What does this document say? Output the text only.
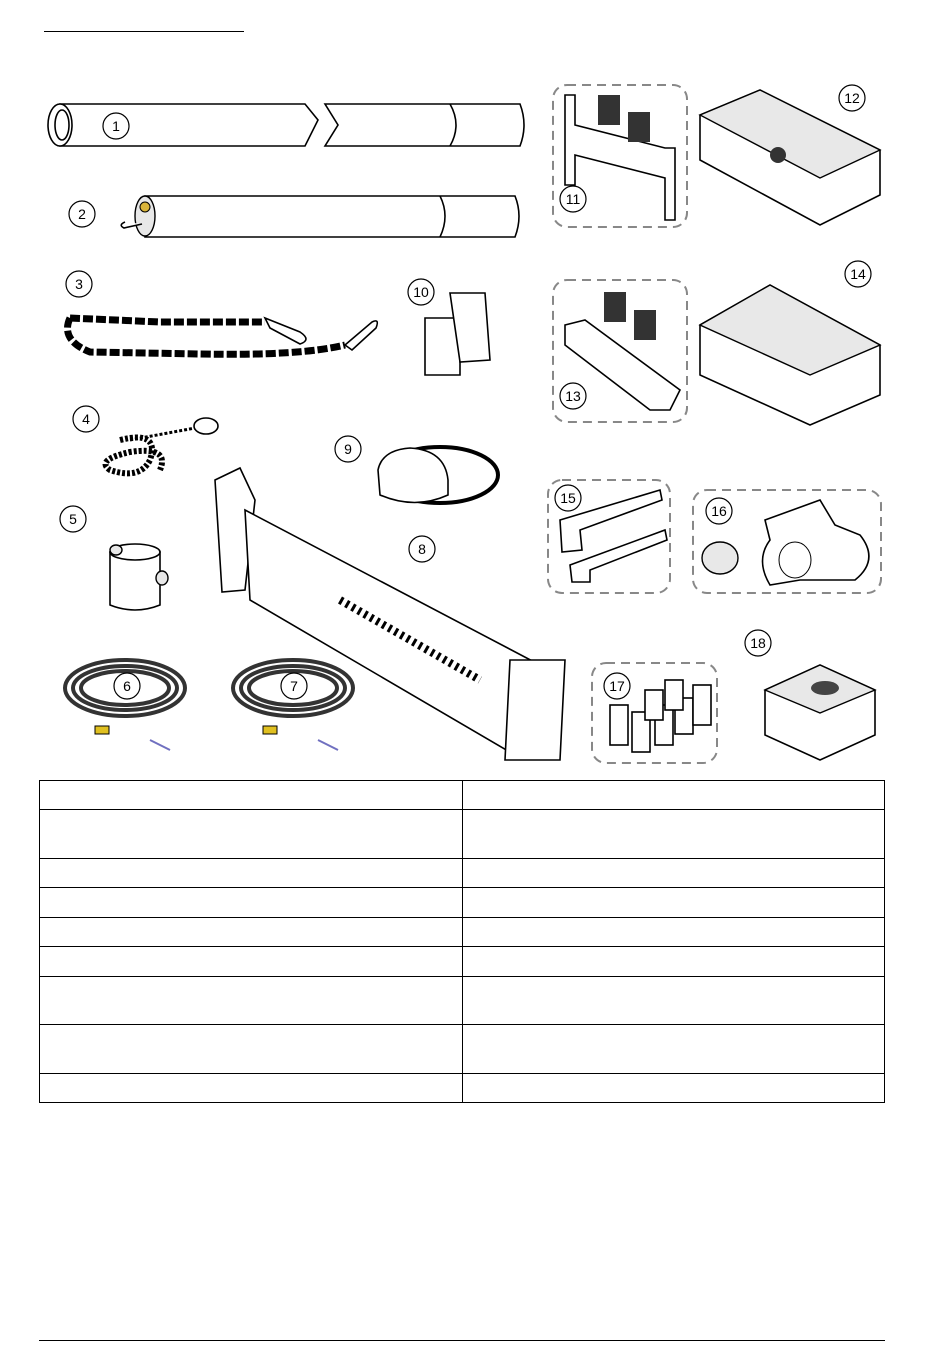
1
2
3
4
5
6	7
8
9
10
11
12
13
14
15
16
17
18
